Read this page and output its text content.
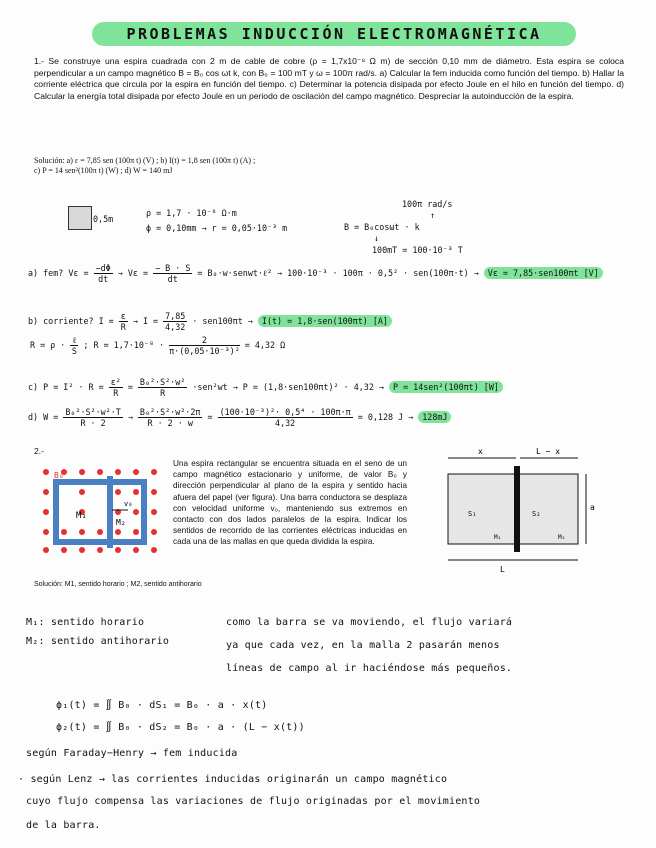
PROBLEMAS INDUCCIÓN ELECTROMAGNÉTICA
1.- Se construye una espira cuadrada con 2 m de cable de cobre (ρ = 1,7x10⁻⁸ Ω m) de sección 0,10 mm de diámetro. Esta espira se coloca perpendicular a un campo magnético B = B₀ cos ωt k, con B₀ = 100 mT y ω = 100π rad/s. a) Calcular la fem inducida como función del tiempo. b) Hallar la corriente eléctrica que circula por la espira en función del tiempo. c) Determinar la potencia disipada por efecto Joule en el hilo en función del tiempo. d) Calcular la energía total disipada por efecto Joule en un periodo de oscilación del campo magnético. Despreciar la autoinducción de la espira.
Solución: a) ε = 7,85 sen (100π t) (V) ; b) I(t) = 1,8 sen (100π t) (A) ;
c) P = 14 sen²(100π t) (W) ; d) W = 140 mJ
0,5m
ρ = 1,7 · 10⁻⁸ Ω·m
ϕ = 0,10mm → r = 0,05·10⁻³ m
100π rad/s
↑
B = B₀cosωt · k
↓
100mT = 100·10⁻³ T
a) fem? $V\varepsilon = \frac{-d\Phi}{dt} \to V\varepsilon = \frac{- B \cdot S}{dt}$ = B₀·w·senwt·ℓ² → 100·10⁻³ · 100π · 0,5² · sen(100π·t) → Vε = 7,85·sen100πt [V]
b) corriente? $I = \frac{\varepsilon}{R} \to I = \frac{7,85}{4,32} \cdot sen100\pi t \to I(t) = 1,8\cdot sen(100\pi t)$ [A]
$R = \rho \cdot \frac{\text{ℓ}}{S}$ ; $R = 1,7\cdot 10^{-8} \cdot \frac{2}{\text{π·(0,05·10⁻³)²}} = 4,32$ Ω
c) $P = I^2 \cdot R = \frac{\text{ε²}}{R} = \frac{\text{B₀²·S²·w²}}{R} \cdot sen^2wt \to P = (1,8\cdot sen100\pi t)^2 \cdot 4,32 \to P = 14sen^2(100\pi t)$ [W]
d) $W = \frac{\text{B₀²·S²·w²·T}}{R \cdot 2} \to \frac{\text{B₀²·S²·w²·2π}}{R \cdot 2 \cdot w} = \frac{\text{(100·10⁻³)²· 0,5⁴ · 100π·π}}{4,32} = 0,128$ J → 128mJ
2.-
B₀
M₁
M₂
v₀
Una espira rectangular se encuentra situada en el seno de un campo magnético estacionario y uniforme, de valor B₀ y dirección perpendicular al plano de la espira y sentido hacia afuera del papel (ver figura). Una barra conductora se desplaza con velocidad uniforme v₀, manteniendo sus extremos en contacto con dos lados paralelos de la espira. Indicar los sentidos de recorrido de las corrientes eléctricas inducidas en cada una de las mallas en que queda dividida la espira.
Solución: M1, sentido horario ; M2, sentido antihorario
x	L − x
S₁	S₂
M₁	M₂
a
L
M₁: sentido horario
M₂: sentido antihorario
como la barra se va moviendo, el flujo variará
ya que cada vez, en la malla 2 pasarán menos
líneas de campo al ir haciéndose más pequeños.
ϕ₁(t) = ∬ B₀ · dS₁ = B₀ · a · x(t)
ϕ₂(t) = ∬ B₀ · dS₂ = B₀ · a · (L − x(t))
según Faraday−Henry → fem inducida
· según Lenz → las corrientes inducidas originarán un campo magnético
cuyo flujo compensa las variaciones de flujo originadas por el movimiento
de la barra.
